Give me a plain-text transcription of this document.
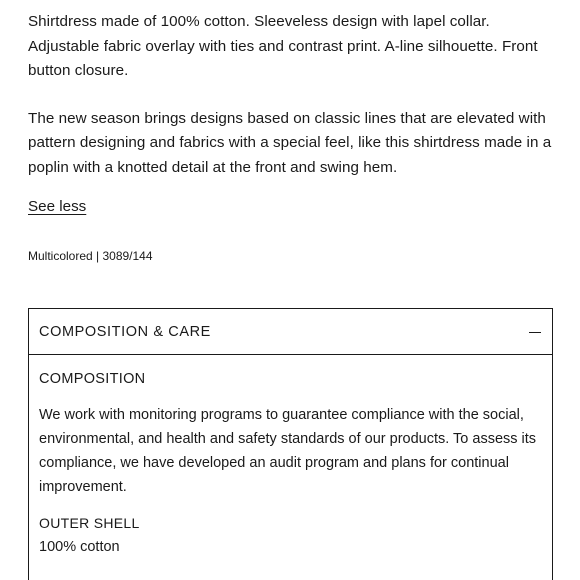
Shirtdress made of 100% cotton. Sleeveless design with lapel collar. Adjustable fabric overlay with ties and contrast print. A-line silhouette. Front button closure.

The new season brings designs based on classic lines that are elevated with pattern designing and fabrics with a special feel, like this shirtdress made in a poplin with a knotted detail at the front and swing hem.

See less
Multicolored | 3089/144
COMPOSITION & CARE
COMPOSITION

We work with monitoring programs to guarantee compliance with the social, environmental, and health and safety standards of our products. To assess its compliance, we have developed an audit program and plans for continual improvement.

OUTER SHELL
100% cotton
